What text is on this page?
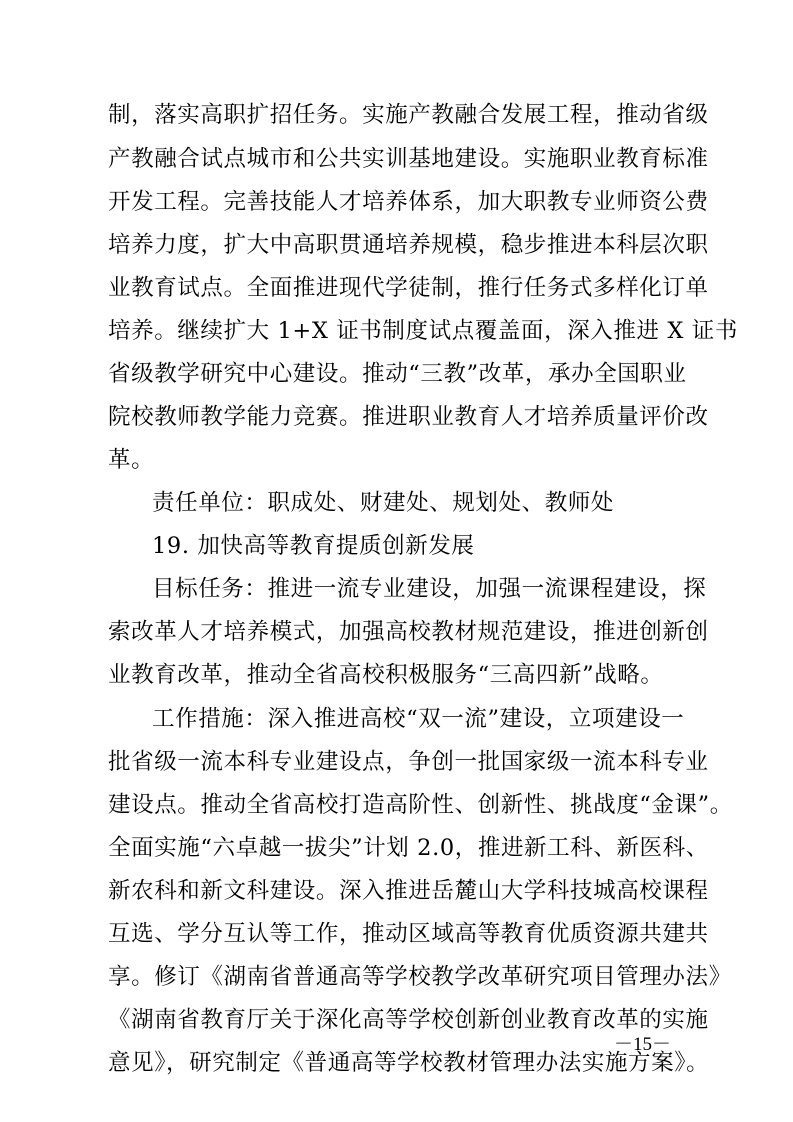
制，落实高职扩招任务。实施产教融合发展工程，推动省级
产教融合试点城市和公共实训基地建设。实施职业教育标准
开发工程。完善技能人才培养体系，加大职教专业师资公费
培养力度，扩大中高职贯通培养规模，稳步推进本科层次职
业教育试点。全面推进现代学徒制，推行任务式多样化订单
培养。继续扩大 1+X 证书制度试点覆盖面，深入推进 X 证书
省级教学研究中心建设。推动“三教”改革，承办全国职业
院校教师教学能力竞赛。推进职业教育人才培养质量评价改
革。
责任单位：职成处、财建处、规划处、教师处
19. 加快高等教育提质创新发展
目标任务：推进一流专业建设，加强一流课程建设，探
索改革人才培养模式，加强高校教材规范建设，推进创新创
业教育改革，推动全省高校积极服务“三高四新”战略。
工作措施：深入推进高校“双一流”建设，立项建设一
批省级一流本科专业建设点，争创一批国家级一流本科专业
建设点。推动全省高校打造高阶性、创新性、挑战度“金课”。
全面实施“六卓越一拔尖”计划 2.0，推进新工科、新医科、
新农科和新文科建设。深入推进岳麓山大学科技城高校课程
互选、学分互认等工作，推动区域高等教育优质资源共建共
享。修订《湖南省普通高等学校教学改革研究项目管理办法》
《湖南省教育厅关于深化高等学校创新创业教育改革的实施
意见》，研究制定《普通高等学校教材管理办法实施方案》。
－15－
